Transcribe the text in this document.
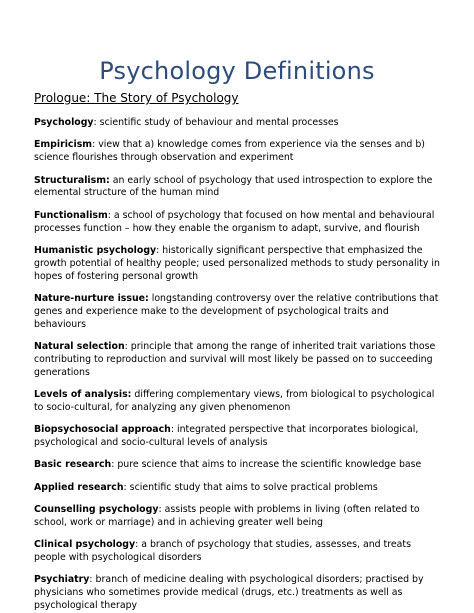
Psychology Definitions

Prologue: The Story of Psychology

Psychology: scientific study of behaviour and mental processes

Empiricism: view that a) knowledge comes from experience via the senses and b) science flourishes through observation and experiment

Structuralism: an early school of psychology that used introspection to explore the elemental structure of the human mind

Functionalism: a school of psychology that focused on how mental and behavioural processes function – how they enable the organism to adapt, survive, and flourish

Humanistic psychology: historically significant perspective that emphasized the growth potential of healthy people; used personalized methods to study personality in hopes of fostering personal growth

Nature-nurture issue: longstanding controversy over the relative contributions that genes and experience make to the development of psychological traits and behaviours

Natural selection: principle that among the range of inherited trait variations those contributing to reproduction and survival will most likely be passed on to succeeding generations

Levels of analysis: differing complementary views, from biological to psychological to socio-cultural, for analyzing any given phenomenon

Biopsychosocial approach: integrated perspective that incorporates biological, psychological and socio-cultural levels of analysis

Basic research: pure science that aims to increase the scientific knowledge base

Applied research: scientific study that aims to solve practical problems

Counselling psychology: assists people with problems in living (often related to school, work or marriage) and in achieving greater well being

Clinical psychology: a branch of psychology that studies, assesses, and treats people with psychological disorders

Psychiatry: branch of medicine dealing with psychological disorders; practised by physicians who sometimes provide medical (drugs, etc.) treatments as well as psychological therapy
